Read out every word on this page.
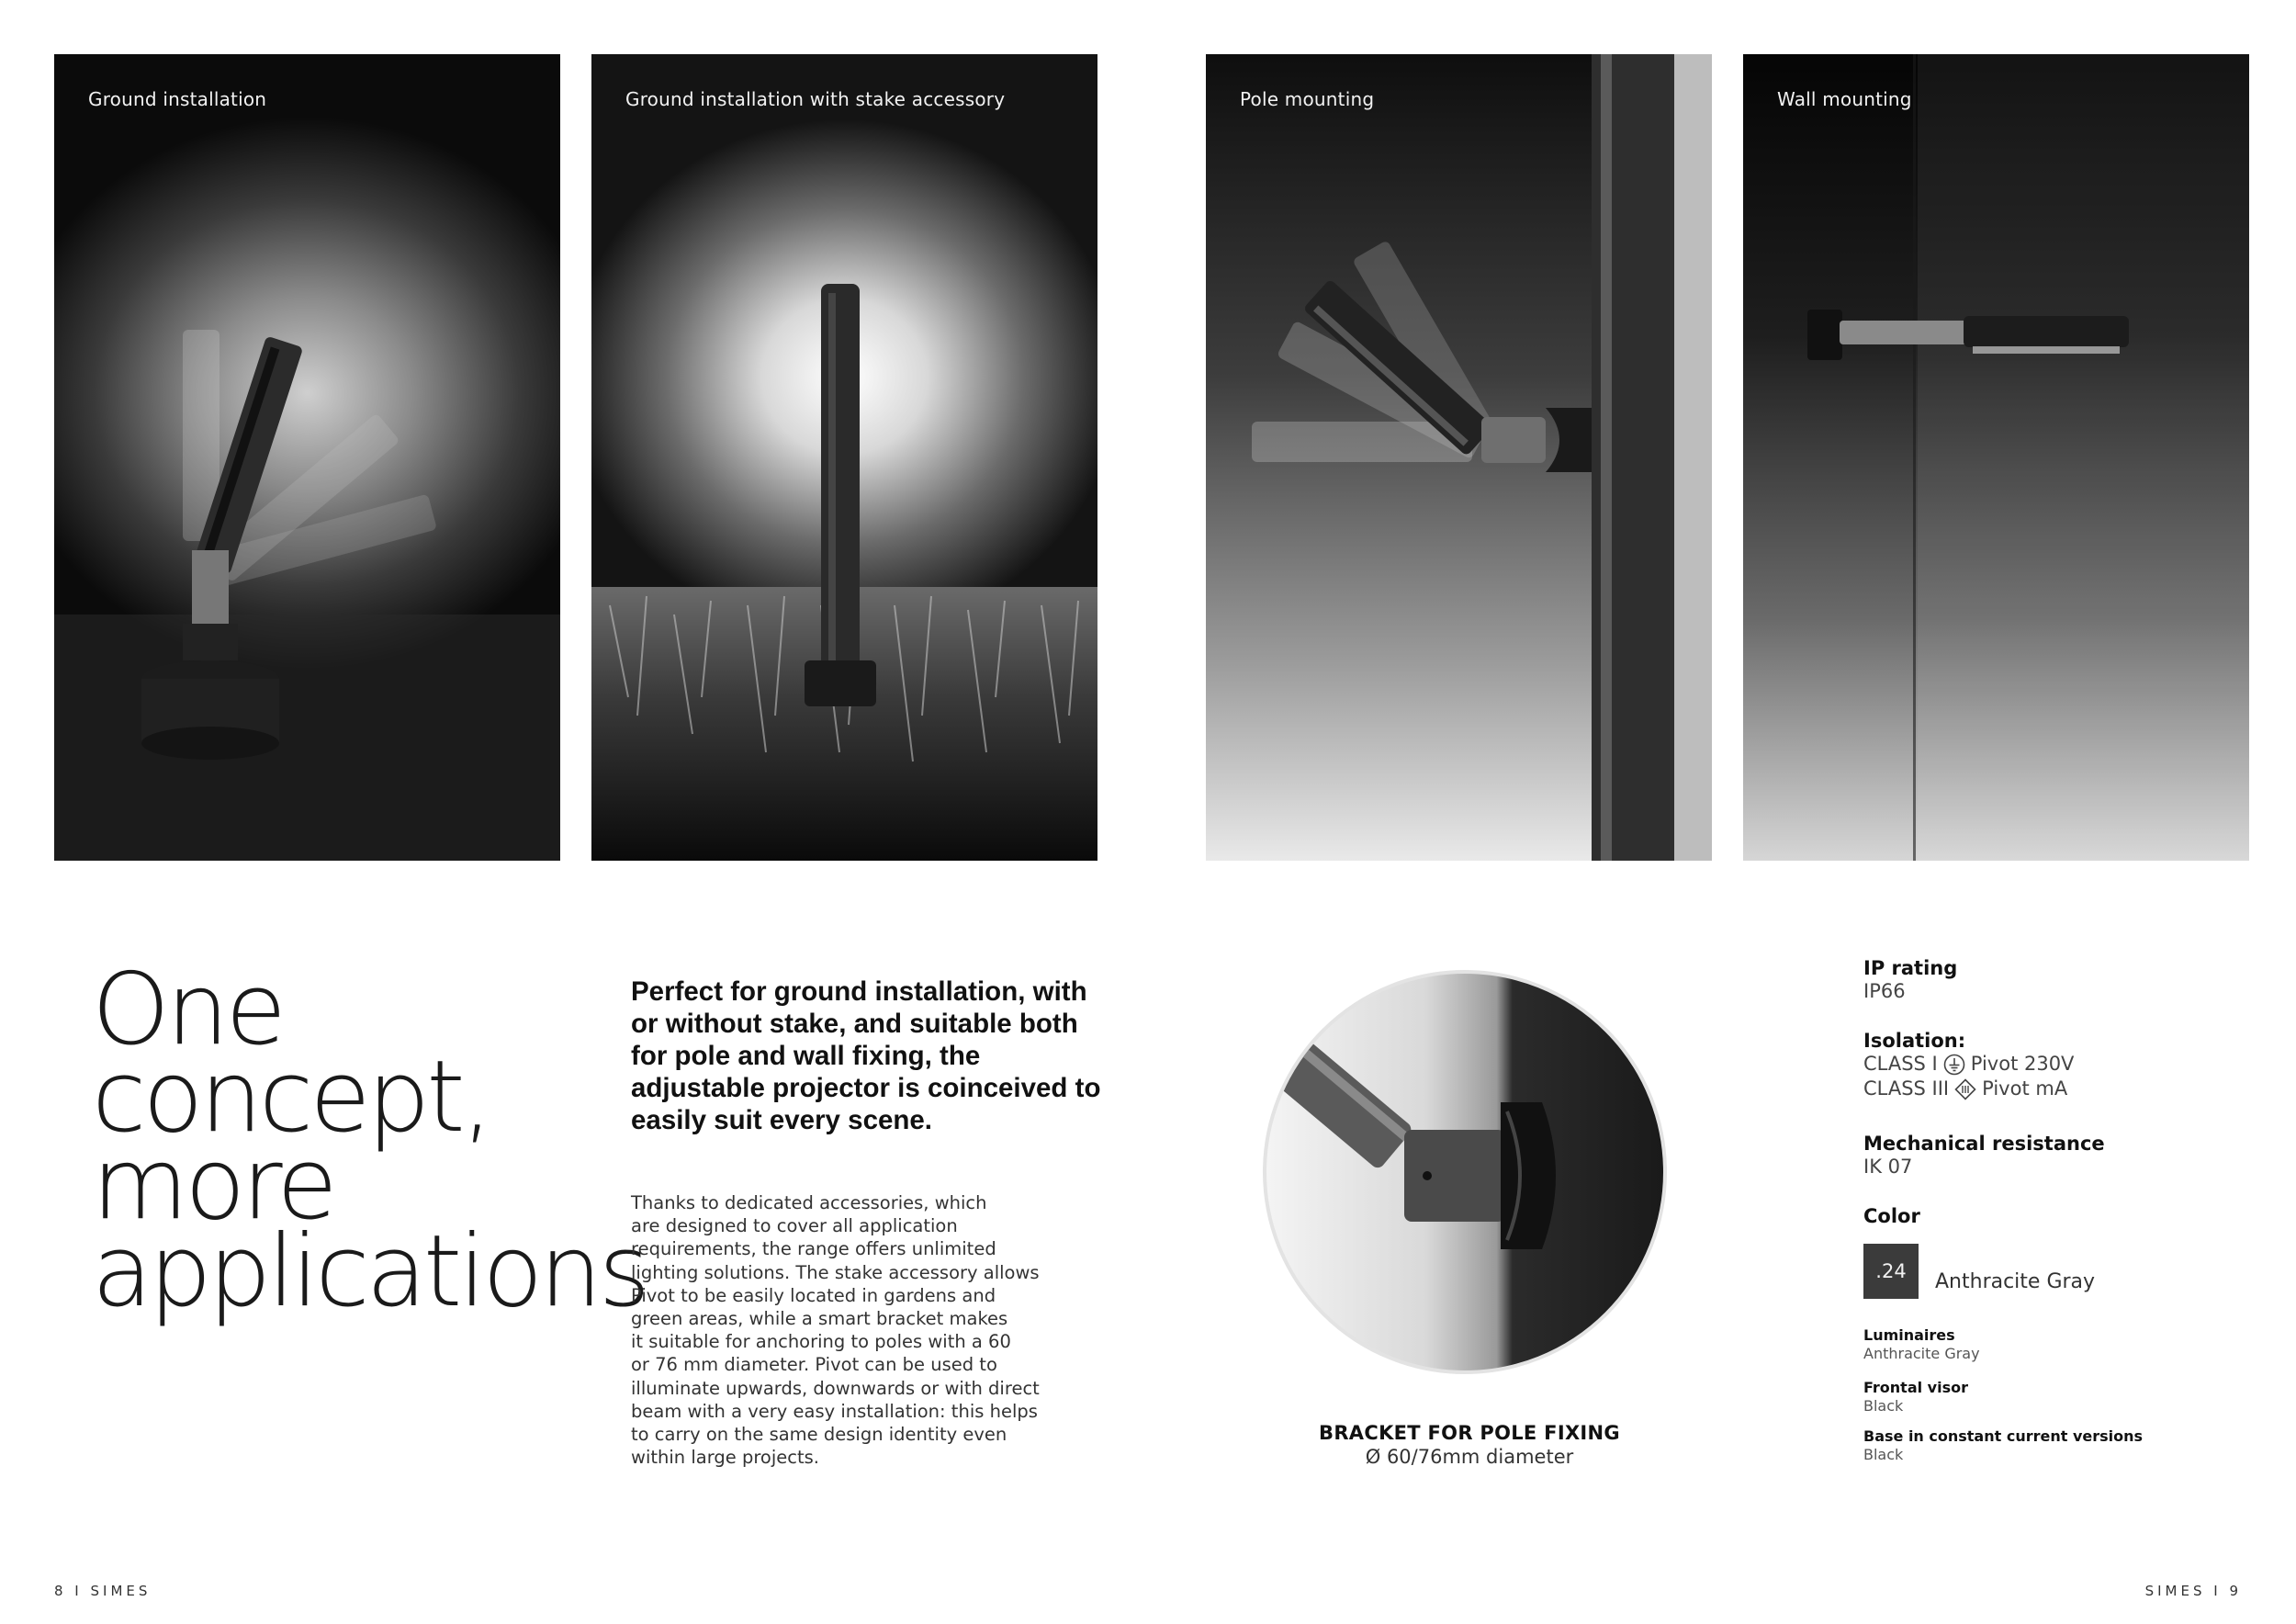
Ground installation	Ground installation with stake accessory	Pole mounting	Wall mounting
One
concept,
more
applications

Perfect for ground installation, with or without stake, and suitable both for pole and wall fixing, the adjustable projector is coinceived to easily suit every scene.

Thanks to dedicated accessories, which
are designed to cover all application
requirements, the range offers unlimited
lighting solutions. The stake accessory allows
Pivot to be easily located in gardens and
green areas, while a smart bracket makes
it suitable for anchoring to poles with a 60
or 76 mm diameter. Pivot can be used to
illuminate upwards, downwards or with direct
beam with a very easy installation: this helps
to carry on the same design identity even
within large projects.
BRACKET FOR POLE FIXING
Ø 60/76mm diameter
IP rating
IP66
Isolation:
CLASS I Pivot 230V
CLASS III Pivot mA
Mechanical resistance
IK 07
Color
.24	Anthracite Gray
Luminaires
Anthracite Gray
Frontal visor
Black
Base in constant current versions
Black
8 I SIMES	SIMES I 9
